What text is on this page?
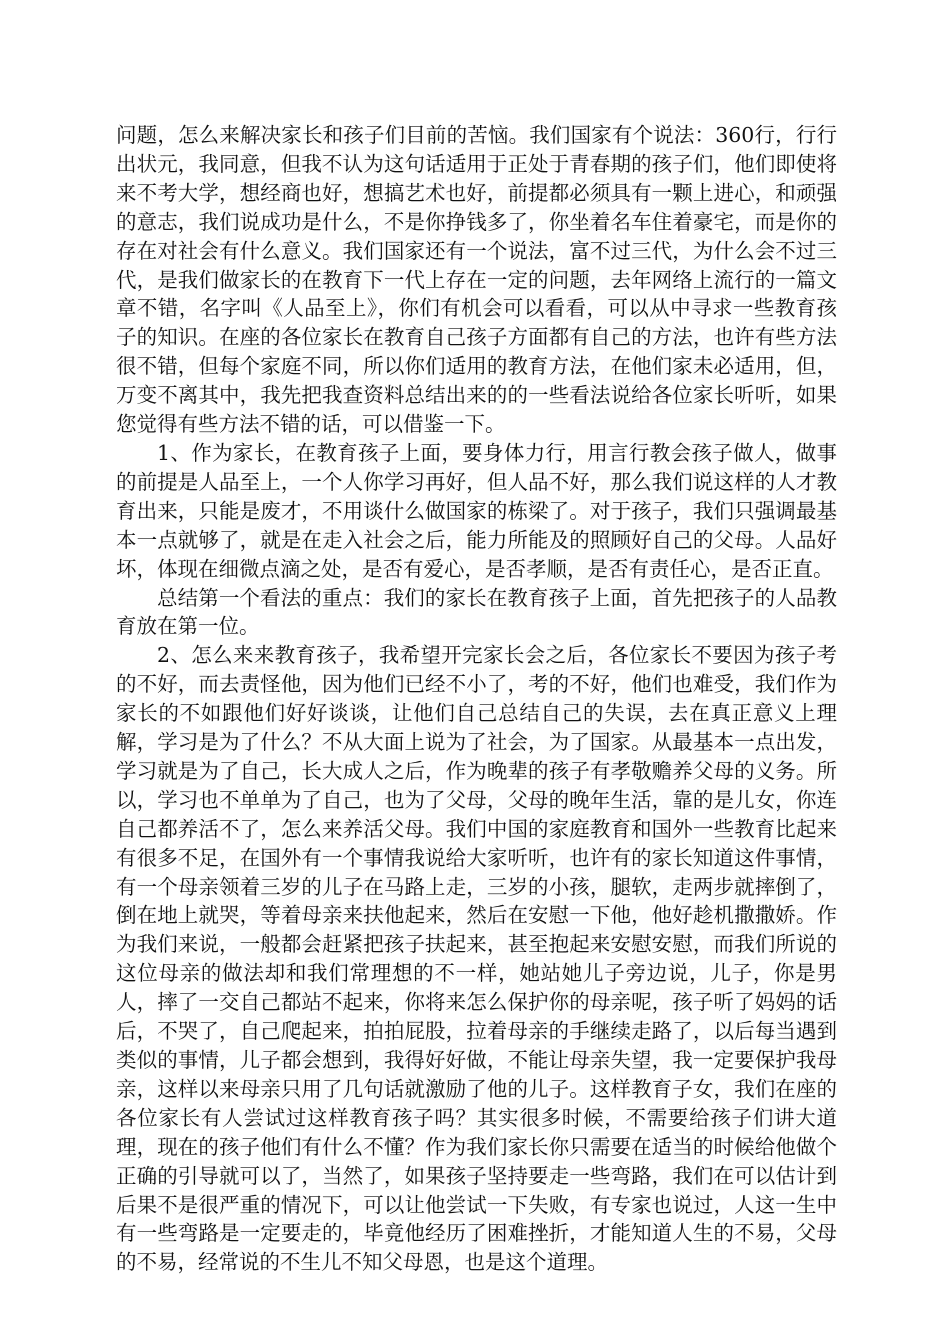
问题，怎么来解决家长和孩子们目前的苦恼。我们国家有个说法：360行，行行出状元，我同意，但我不认为这句话适用于正处于青春期的孩子们，他们即使将来不考大学，想经商也好，想搞艺术也好，前提都必须具有一颗上进心，和顽强的意志，我们说成功是什么，不是你挣钱多了，你坐着名车住着豪宅，而是你的存在对社会有什么意义。我们国家还有一个说法，富不过三代，为什么会不过三代，是我们做家长的在教育下一代上存在一定的问题，去年网络上流行的一篇文章不错，名字叫《人品至上》，你们有机会可以看看，可以从中寻求一些教育孩子的知识。在座的各位家长在教育自己孩子方面都有自己的方法，也许有些方法很不错，但每个家庭不同，所以你们适用的教育方法，在他们家未必适用，但，万变不离其中，我先把我查资料总结出来的的一些看法说给各位家长听听，如果您觉得有些方法不错的话，可以借鉴一下。

1、作为家长，在教育孩子上面，要身体力行，用言行教会孩子做人，做事的前提是人品至上，一个人你学习再好，但人品不好，那么我们说这样的人才教育出来，只能是废才，不用谈什么做国家的栋梁了。对于孩子，我们只强调最基本一点就够了，就是在走入社会之后，能力所能及的照顾好自己的父母。人品好坏，体现在细微点滴之处，是否有爱心，是否孝顺，是否有责任心，是否正直。

总结第一个看法的重点：我们的家长在教育孩子上面，首先把孩子的人品教育放在第一位。

2、怎么来来教育孩子，我希望开完家长会之后，各位家长不要因为孩子考的不好，而去责怪他，因为他们已经不小了，考的不好，他们也难受，我们作为家长的不如跟他们好好谈谈，让他们自己总结自己的失误，去在真正意义上理解，学习是为了什么？不从大面上说为了社会，为了国家。从最基本一点出发，学习就是为了自己，长大成人之后，作为晚辈的孩子有孝敬赡养父母的义务。所以，学习也不单单为了自己，也为了父母，父母的晚年生活，靠的是儿女，你连自己都养活不了，怎么来养活父母。我们中国的家庭教育和国外一些教育比起来有很多不足，在国外有一个事情我说给大家听听，也许有的家长知道这件事情，有一个母亲领着三岁的儿子在马路上走，三岁的小孩，腿软，走两步就摔倒了，倒在地上就哭，等着母亲来扶他起来，然后在安慰一下他，他好趁机撒撒娇。作为我们来说，一般都会赶紧把孩子扶起来，甚至抱起来安慰安慰，而我们所说的这位母亲的做法却和我们常理想的不一样，她站她儿子旁边说，儿子，你是男人，摔了一交自己都站不起来，你将来怎么保护你的母亲呢，孩子听了妈妈的话后，不哭了，自己爬起来，拍拍屁股，拉着母亲的手继续走路了，以后每当遇到类似的事情，儿子都会想到，我得好好做，不能让母亲失望，我一定要保护我母亲，这样以来母亲只用了几句话就激励了他的儿子。这样教育子女，我们在座的各位家长有人尝试过这样教育孩子吗？其实很多时候，不需要给孩子们讲大道理，现在的孩子他们有什么不懂？作为我们家长你只需要在适当的时候给他做个正确的引导就可以了，当然了，如果孩子坚持要走一些弯路，我们在可以估计到后果不是很严重的情况下，可以让他尝试一下失败，有专家也说过，人这一生中有一些弯路是一定要走的，毕竟他经历了困难挫折，才能知道人生的不易，父母的不易，经常说的不生儿不知父母恩，也是这个道理。
